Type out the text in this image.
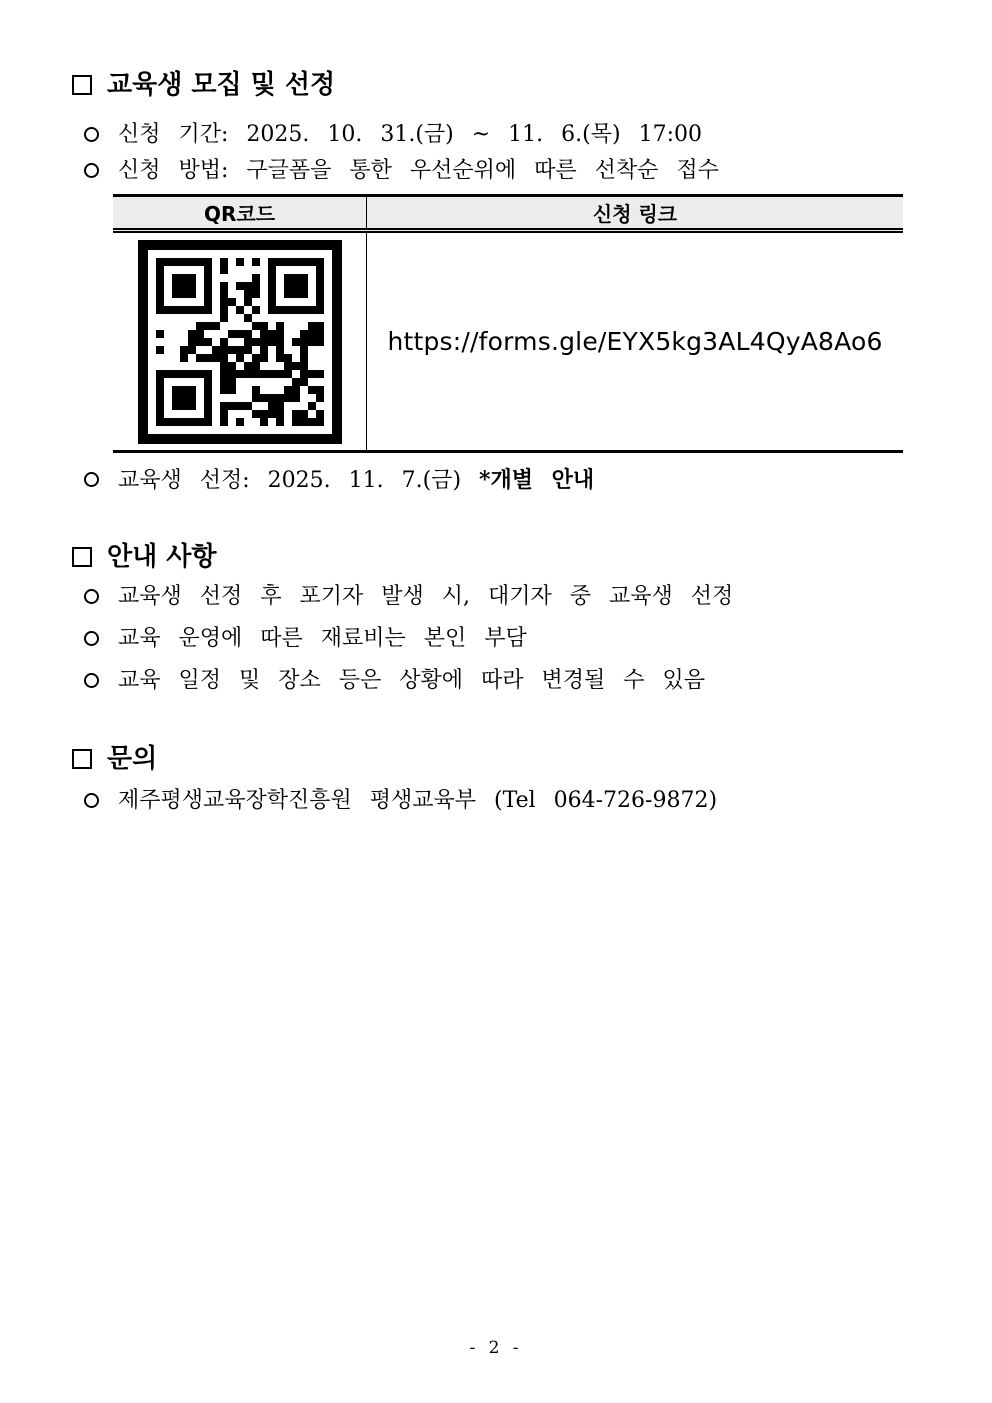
교육생 모집 및 선정
신청 기간: 2025. 10. 31.(금) ~ 11. 6.(목) 17:00
신청 방법: 구글폼을 통한 우선순위에 따른 선착순 접수
QR코드	신청 링크
https://forms.gle/EYX5kg3AL4QyA8Ao6
교육생 선정: 2025. 11. 7.(금) *개별 안내
안내 사항
교육생 선정 후 포기자 발생 시, 대기자 중 교육생 선정
교육 운영에 따른 재료비는 본인 부담
교육 일정 및 장소 등은 상황에 따라 변경될 수 있음
문의
제주평생교육장학진흥원 평생교육부 (Tel 064-726-9872)
- 2 -
